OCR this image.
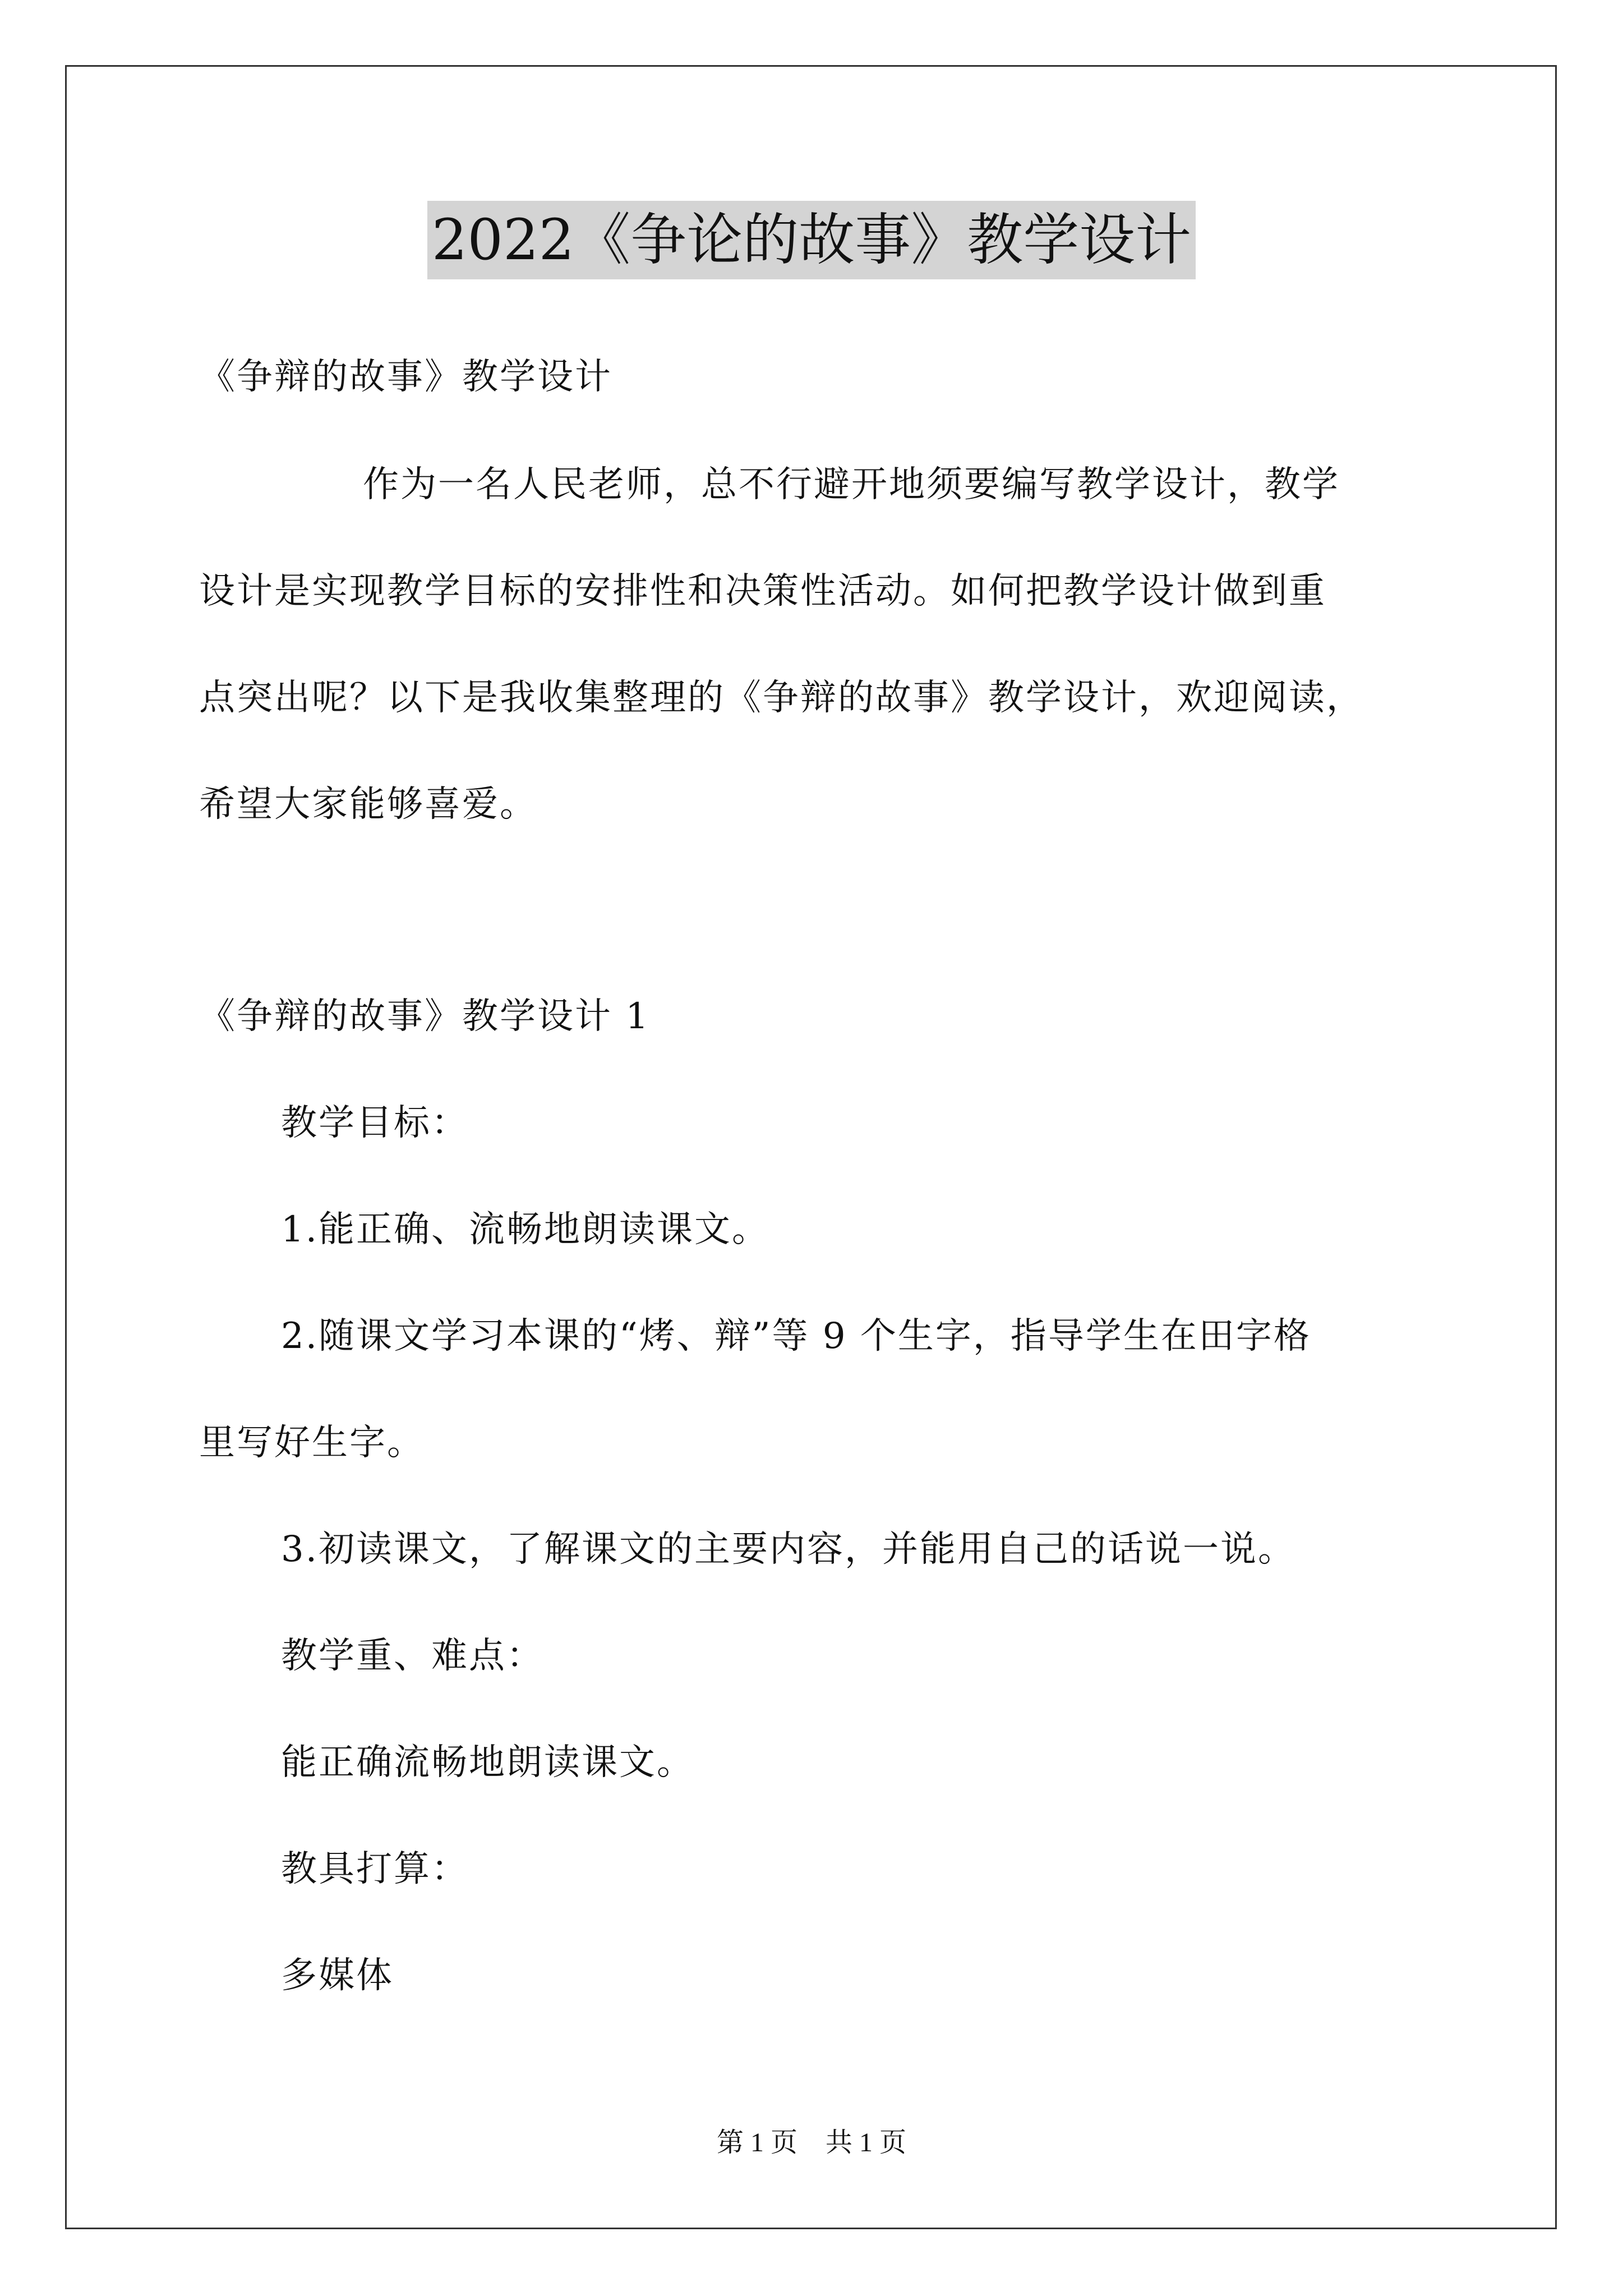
2022《争论的故事》教学设计
《争辩的故事》教学设计
作为一名人民老师，总不行避开地须要编写教学设计，教学
设计是实现教学目标的安排性和决策性活动。如何把教学设计做到重
点突出呢？以下是我收集整理的《争辩的故事》教学设计，欢迎阅读，
希望大家能够喜爱。
《争辩的故事》教学设计 1
教学目标：
1.能正确、流畅地朗读课文。
2.随课文学习本课的“烤、辩”等 9 个生字，指导学生在田字格
里写好生字。
3.初读课文，了解课文的主要内容，并能用自己的话说一说。
教学重、难点：
能正确流畅地朗读课文。
教具打算：
多媒体
第 1 页 共 1 页
